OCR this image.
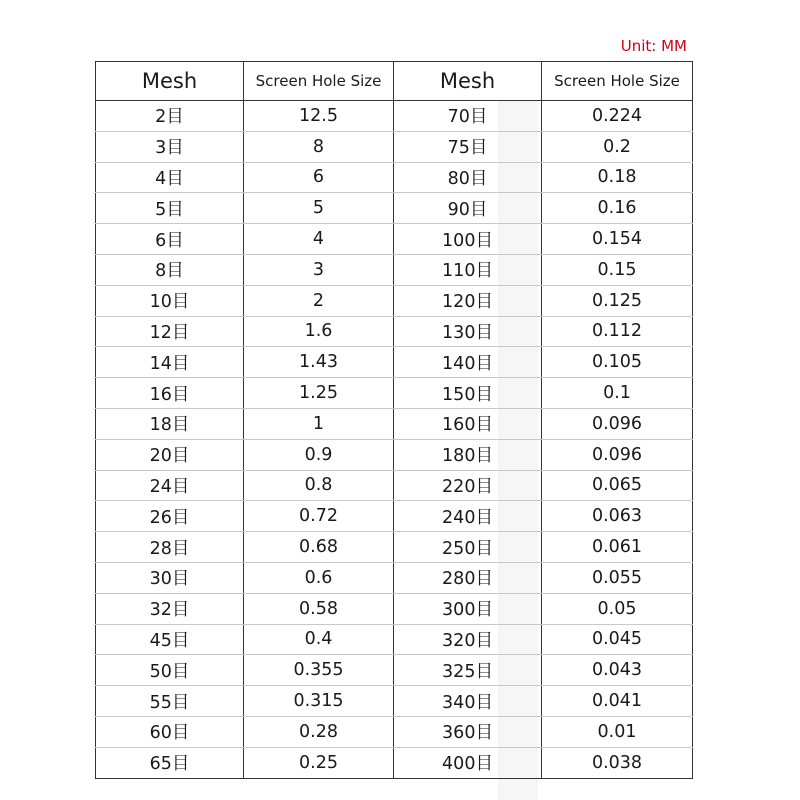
Unit: MM
Mesh	Screen Hole Size	Mesh	Screen Hole Size
2目	12.5	70目	0.224
3目	8	75目	0.2
4目	6	80目	0.18
5目	5	90目	0.16
6目	4	100目	0.154
8目	3	110目	0.15
10目	2	120目	0.125
12目	1.6	130目	0.112
14目	1.43	140目	0.105
16目	1.25	150目	0.1
18目	1	160目	0.096
20目	0.9	180目	0.096
24目	0.8	220目	0.065
26目	0.72	240目	0.063
28目	0.68	250目	0.061
30目	0.6	280目	0.055
32目	0.58	300目	0.05
45目	0.4	320目	0.045
50目	0.355	325目	0.043
55目	0.315	340目	0.041
60目	0.28	360目	0.01
65目	0.25	400目	0.038
